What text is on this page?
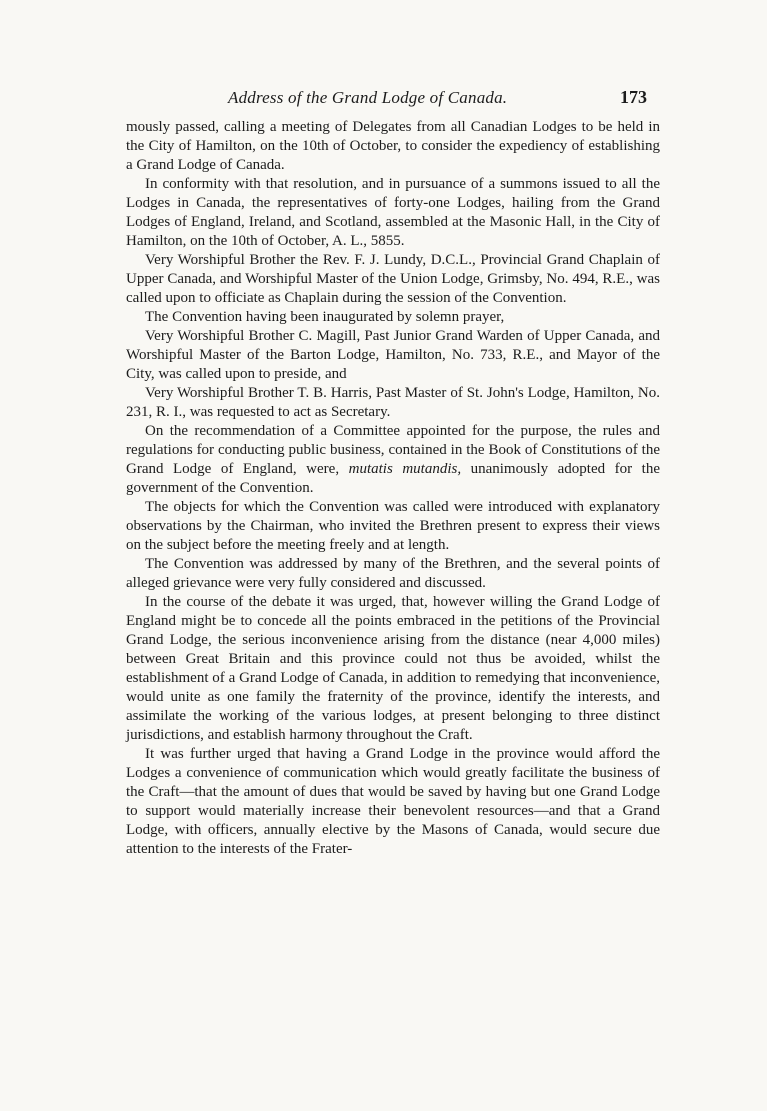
Address of the Grand Lodge of Canada.	173

mously passed, calling a meeting of Delegates from all Canadian Lodges to be held in the City of Hamilton, on the 10th of October, to consider the expediency of establishing a Grand Lodge of Canada.

In conformity with that resolution, and in pursuance of a summons issued to all the Lodges in Canada, the representatives of forty-one Lodges, hailing from the Grand Lodges of England, Ireland, and Scotland, assembled at the Masonic Hall, in the City of Hamilton, on the 10th of October, A. L., 5855.

Very Worshipful Brother the Rev. F. J. Lundy, D.C.L., Provincial Grand Chaplain of Upper Canada, and Worshipful Master of the Union Lodge, Grimsby, No. 494, R.E., was called upon to officiate as Chaplain during the session of the Convention.

The Convention having been inaugurated by solemn prayer,

Very Worshipful Brother C. Magill, Past Junior Grand Warden of Upper Canada, and Worshipful Master of the Barton Lodge, Hamilton, No. 733, R.E., and Mayor of the City, was called upon to preside, and

Very Worshipful Brother T. B. Harris, Past Master of St. John's Lodge, Hamilton, No. 231, R. I., was requested to act as Secretary.

On the recommendation of a Committee appointed for the purpose, the rules and regulations for conducting public business, contained in the Book of Constitutions of the Grand Lodge of England, were, mutatis mutandis, unanimously adopted for the government of the Convention.

The objects for which the Convention was called were introduced with explanatory observations by the Chairman, who invited the Brethren present to express their views on the subject before the meeting freely and at length.

The Convention was addressed by many of the Brethren, and the several points of alleged grievance were very fully considered and discussed.

In the course of the debate it was urged, that, however willing the Grand Lodge of England might be to concede all the points embraced in the petitions of the Provincial Grand Lodge, the serious inconvenience arising from the distance (near 4,000 miles) between Great Britain and this province could not thus be avoided, whilst the establishment of a Grand Lodge of Canada, in addition to remedying that inconvenience, would unite as one family the fraternity of the province, identify the interests, and assimilate the working of the various lodges, at present belonging to three distinct jurisdictions, and establish harmony throughout the Craft.

It was further urged that having a Grand Lodge in the province would afford the Lodges a convenience of communication which would greatly facilitate the business of the Craft—that the amount of dues that would be saved by having but one Grand Lodge to support would materially increase their benevolent resources—and that a Grand Lodge, with officers, annually elective by the Masons of Canada, would secure due attention to the interests of the Frater-
